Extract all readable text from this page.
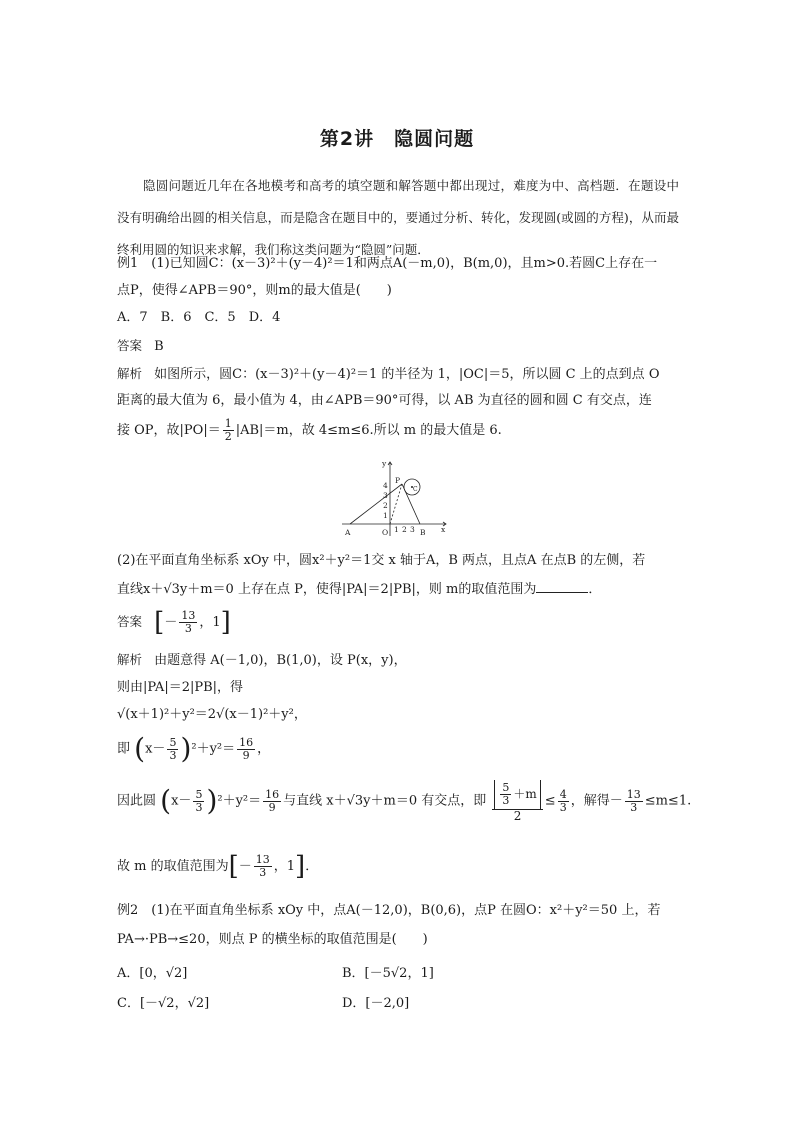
第2讲　隐圆问题
隐圆问题近几年在各地模考和高考的填空题和解答题中都出现过，难度为中、高档题．在题设中没有明确给出圆的相关信息，而是隐含在题目中的，要通过分析、转化，发现圆(或圆的方程)，从而最终利用圆的知识来求解，我们称这类问题为“隐圆”问题．
例1　(1)已知圆C：(x－3)²＋(y－4)²＝1和两点A(－m,0)，B(m,0)，且m>0.若圆C上存在一
点P，使得∠APB＝90°，则m的最大值是(　　)
A．7　B．6　C．5　D．4
答案 B
解析 如图所示，圆C：(x－3)²＋(y－4)²＝1 的半径为 1，|OC|＝5，所以圆 C 上的点到点 O
距离的最大值为 6，最小值为 4，由∠APB＝90°可得，以 AB 为直径的圆和圆 C 有交点，连
接 OP，故$|PO|= \frac{1}{2} |AB|=m$，故 4≤m≤6.所以 m 的最大值是 6.
y
x
4
3
2
1
1 2 3
O
A	B
P
C
(2)在平面直角坐标系 xOy 中，圆x²＋y²＝1交 x 轴于A，B 两点，且点A 在点B 的左侧，若
直线x＋√3y＋m＝0 上存在点 P，使得|PA|＝2|PB|，则 m的取值范围为	．
答案 [－ $\frac{13}{3}$ ，1]
解析 由题意得 A(－1,0)，B(1,0)，设 P(x，y)，
则由|PA|＝2|PB|，得
√(x＋1)²＋y²＝2√(x－1)²＋y²，
即 $(x- \frac{5}{3} )^2+y^2= \frac{16}{9}$ ，
因此圆 $(x- \frac{5}{3} )^2+y^2= \frac{16}{9}$ 与直线 x＋√3y＋m＝0 有交点，即 $\frac{\frac{5}{3} +m}{2} \le \frac{4}{3}$ ，解得－ $\frac{13}{3} \le m\le 1$.
故 m 的取值范围为[－ $\frac{13}{3}$ ，1]．
例2　(1)在平面直角坐标系 xOy 中，点A(－12,0)，B(0,6)，点P 在圆O：x²＋y²＝50 上，若
PA→·PB→≤20，则点 P 的横坐标的取值范围是(　　)
A．[0，√2]	B．[－5√2，1]
C．[－√2，√2]	D．[－2,0]
